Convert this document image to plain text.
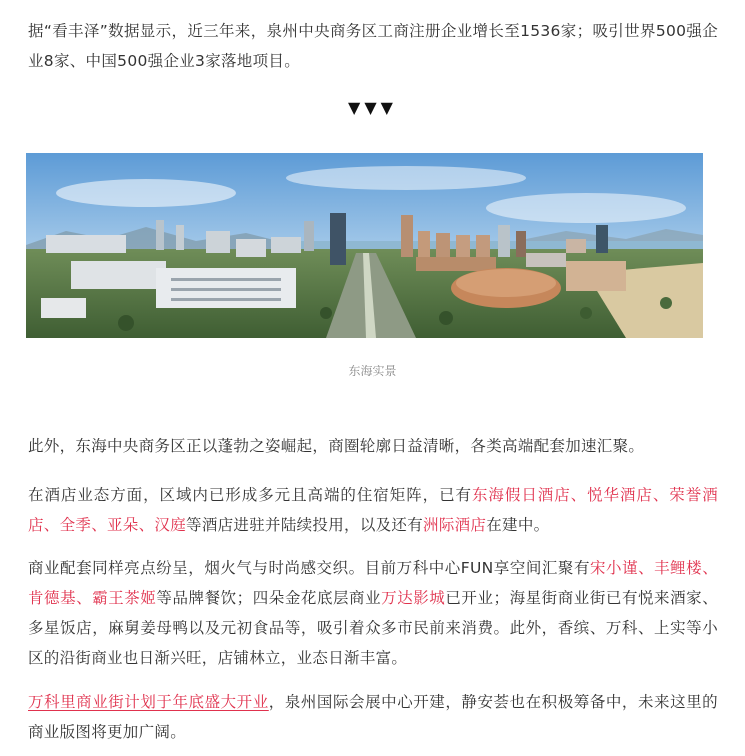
据“看丰泽”数据显示，近三年来，泉州中央商务区工商注册企业增长至1536家；吸引世界500强企业8家、中国500强企业3家落地项目。

▼▼▼
东海实景

此外，东海中央商务区正以蓬勃之姿崛起，商圈轮廓日益清晰，各类高端配套加速汇聚。

在酒店业态方面，区域内已形成多元且高端的住宿矩阵，已有东海假日酒店、悦华酒店、荣誉酒店、全季、亚朵、汉庭等酒店进驻并陆续投用，以及还有洲际酒店在建中。

商业配套同样亮点纷呈，烟火气与时尚感交织。目前万科中心FUN享空间汇聚有宋小谨、丰鲤楼、肯德基、霸王茶姬等品牌餐饮；四朵金花底层商业万达影城已开业；海星街商业街已有悦来酒家、多星饭店，麻舅姜母鸭以及元初食品等，吸引着众多市民前来消费。此外，香缤、万科、上实等小区的沿街商业也日渐兴旺，店铺林立，业态日渐丰富。

万科里商业街计划于年底盛大开业，泉州国际会展中心开建，静安荟也在积极筹备中，未来这里的商业版图将更加广阔。
